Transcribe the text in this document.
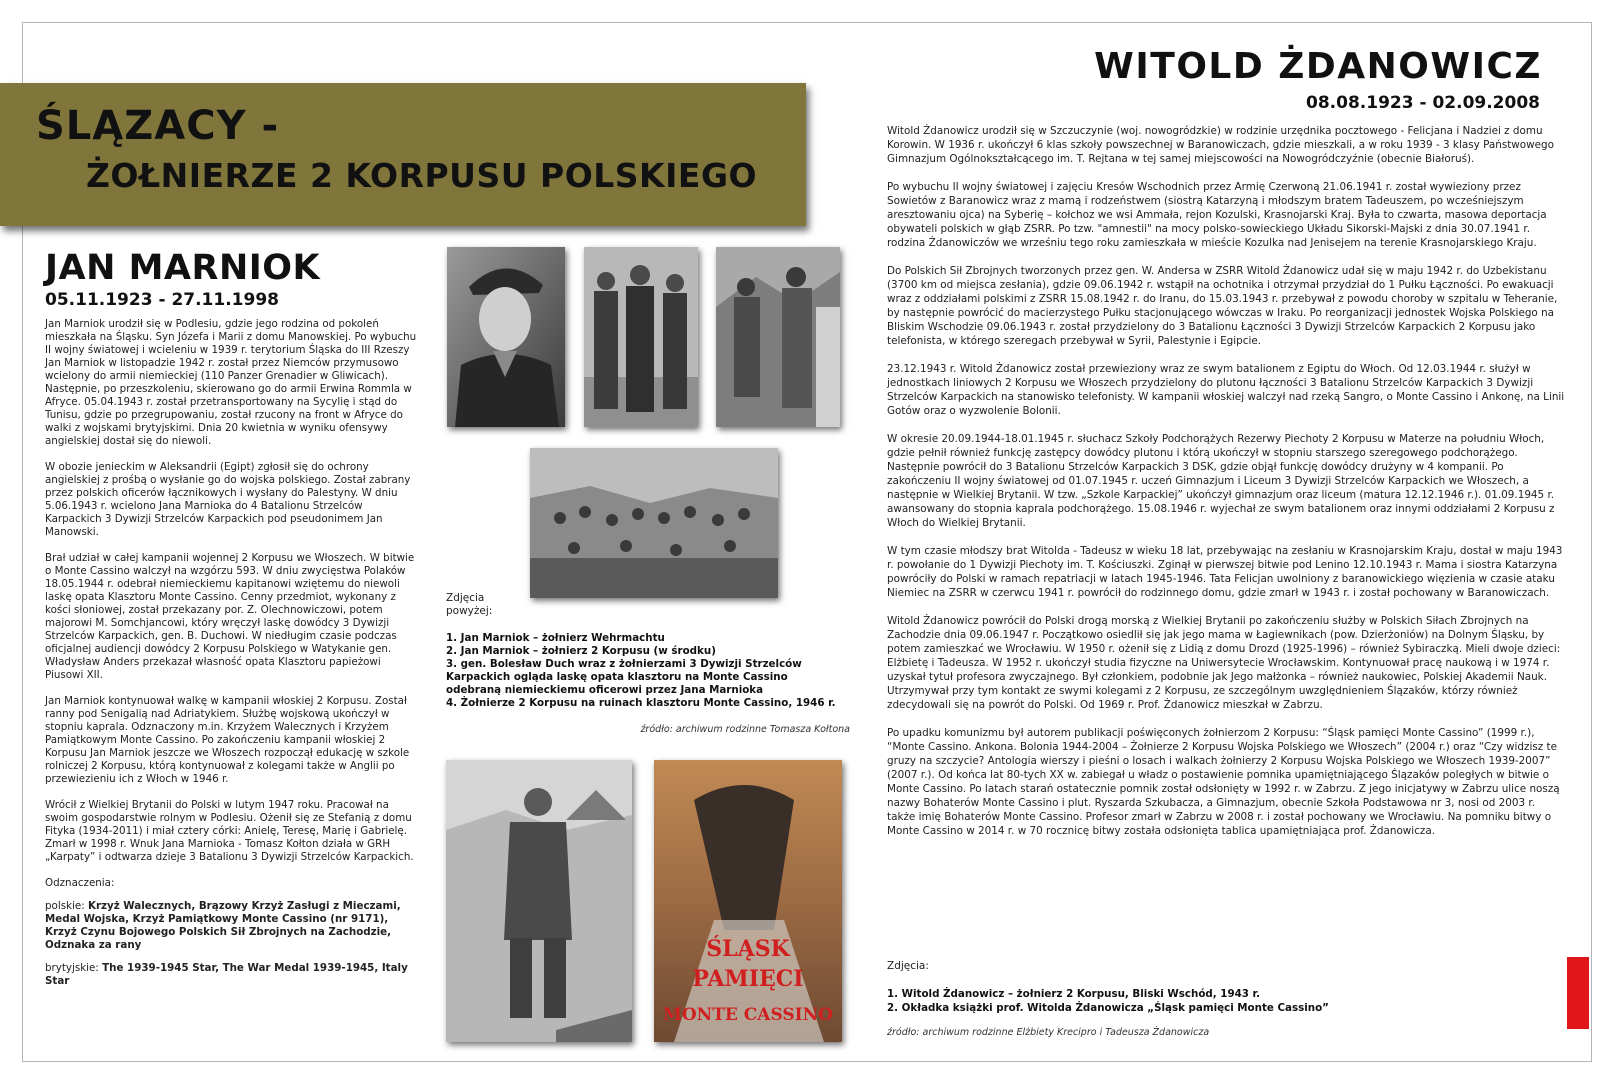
ŚLĄZACY -
ŻOŁNIERZE 2 KORPUSU POLSKIEGO
JAN MARNIOK
05.11.1923 - 27.11.1998

Jan Marniok urodził się w Podlesiu, gdzie jego rodzina od pokoleń mieszkała na Śląsku. Syn Józefa i Marii z domu Manowskiej. Po wybuchu II wojny światowej i wcieleniu w 1939 r. terytorium Śląska do III Rzeszy Jan Marniok w listopadzie 1942 r. został przez Niemców przymusowo wcielony do armii niemieckiej (110 Panzer Grenadier w Gliwicach). Następnie, po przeszkoleniu, skierowano go do armii Erwina Rommla w Afryce. 05.04.1943 r. został przetransportowany na Sycylię i stąd do Tunisu, gdzie po przegrupowaniu, został rzucony na front w Afryce do walki z wojskami brytyjskimi. Dnia 20 kwietnia w wyniku ofensywy angielskiej dostał się do niewoli.

W obozie jenieckim w Aleksandrii (Egipt) zgłosił się do ochrony angielskiej z prośbą o wysłanie go do wojska polskiego. Został zabrany przez polskich oficerów łącznikowych i wysłany do Palestyny. W dniu 5.06.1943 r. wcielono Jana Marnioka do 4 Batalionu Strzelców Karpackich 3 Dywizji Strzelców Karpackich pod pseudonimem Jan Manowski.

Brał udział w całej kampanii wojennej 2 Korpusu we Włoszech. W bitwie o Monte Cassino walczył na wzgórzu 593. W dniu zwycięstwa Polaków 18.05.1944 r. odebrał niemieckiemu kapitanowi wziętemu do niewoli laskę opata Klasztoru Monte Cassino. Cenny przedmiot, wykonany z kości słoniowej, został przekazany por. Z. Olechnowiczowi, potem majorowi M. Somchjancowi, który wręczył laskę dowódcy 3 Dywizji Strzelców Karpackich, gen. B. Duchowi. W niedługim czasie podczas oficjalnej audiencji dowódcy 2 Korpusu Polskiego w Watykanie gen. Władysław Anders przekazał własność opata Klasztoru papieżowi Piusowi XII.

Jan Marniok kontynuował walkę w kampanii włoskiej 2 Korpusu. Został ranny pod Senigalią nad Adriatykiem. Służbę wojskową ukończył w stopniu kaprala. Odznaczony m.in. Krzyżem Walecznych i Krzyżem Pamiątkowym Monte Cassino. Po zakończeniu kampanii włoskiej 2 Korpusu Jan Marniok jeszcze we Włoszech rozpoczął edukację w szkole rolniczej 2 Korpusu, którą kontynuował z kolegami także w Anglii po przewiezieniu ich z Włoch w 1946 r.

Wrócił z Wielkiej Brytanii do Polski w lutym 1947 roku. Pracował na swoim gospodarstwie rolnym w Podlesiu. Ożenił się ze Stefanią z domu Fityka (1934-2011) i miał cztery córki: Anielę, Teresę, Marię i Gabrielę. Zmarł w 1998 r. Wnuk Jana Marnioka - Tomasz Kołton działa w GRH „Karpaty” i odtwarza dzieje 3 Batalionu 3 Dywizji Strzelców Karpackich.

Odznaczenia:

polskie: Krzyż Walecznych, Brązowy Krzyż Zasługi z Mieczami, Medal Wojska, Krzyż Pamiątkowy Monte Cassino (nr 9171), Krzyż Czynu Bojowego Polskich Sił Zbrojnych na Zachodzie, Odznaka za rany

brytyjskie: The 1939-1945 Star, The War Medal 1939-1945, Italy Star

Zdjęcia powyżej:
1. Jan Marniok – żołnierz Wehrmachtu
2. Jan Marniok – żołnierz 2 Korpusu (w środku)
3. gen. Bolesław Duch wraz z żołnierzami 3 Dywizji Strzelców Karpackich ogląda laskę opata klasztoru na Monte Cassino odebraną niemieckiemu oficerowi przez Jana Marnioka
4. Żołnierze 2 Korpusu na ruinach klasztoru Monte Cassino, 1946 r.
źródło: archiwum rodzinne Tomasza Kołtona
ŚLĄSK
PAMIĘCI
MONTE CASSINO
WITOLD ŻDANOWICZ
08.08.1923 - 02.09.2008

Witold Żdanowicz urodził się w Szczuczynie (woj. nowogródzkie) w rodzinie urzędnika pocztowego - Felicjana i Nadziei z domu Korowin. W 1936 r. ukończył 6 klas szkoły powszechnej w Baranowiczach, gdzie mieszkali, a w roku 1939 - 3 klasy Państwowego Gimnazjum Ogólnokształcącego im. T. Rejtana w tej samej miejscowości na Nowogródczyźnie (obecnie Białoruś).

Po wybuchu II wojny światowej i zajęciu Kresów Wschodnich przez Armię Czerwoną 21.06.1941 r. został wywieziony przez Sowietów z Baranowicz wraz z mamą i rodzeństwem (siostrą Katarzyną i młodszym bratem Tadeuszem, po wcześniejszym aresztowaniu ojca) na Syberię – kołchoz we wsi Ammała, rejon Kozulski, Krasnojarski Kraj. Była to czwarta, masowa deportacja obywateli polskich w głąb ZSRR. Po tzw. "amnestii" na mocy polsko-sowieckiego Układu Sikorski-Majski z dnia 30.07.1941 r. rodzina Żdanowiczów we wrześniu tego roku zamieszkała w mieście Kozulka nad Jenisejem na terenie Krasnojarskiego Kraju.

Do Polskich Sił Zbrojnych tworzonych przez gen. W. Andersa w ZSRR Witold Żdanowicz udał się w maju 1942 r. do Uzbekistanu (3700 km od miejsca zesłania), gdzie 09.06.1942 r. wstąpił na ochotnika i otrzymał przydział do 1 Pułku Łączności. Po ewakuacji wraz z oddziałami polskimi z ZSRR 15.08.1942 r. do Iranu, do 15.03.1943 r. przebywał z powodu choroby w szpitalu w Teheranie, by następnie powrócić do macierzystego Pułku stacjonującego wówczas w Iraku. Po reorganizacji jednostek Wojska Polskiego na Bliskim Wschodzie 09.06.1943 r. został przydzielony do 3 Batalionu Łączności 3 Dywizji Strzelców Karpackich 2 Korpusu jako telefonista, w którego szeregach przebywał w Syrii, Palestynie i Egipcie.

23.12.1943 r. Witold Żdanowicz został przewieziony wraz ze swym batalionem z Egiptu do Włoch. Od 12.03.1944 r. służył w jednostkach liniowych 2 Korpusu we Włoszech przydzielony do plutonu łączności 3 Batalionu Strzelców Karpackich 3 Dywizji Strzelców Karpackich na stanowisko telefonisty. W kampanii włoskiej walczył nad rzeką Sangro, o Monte Cassino i Ankonę, na Linii Gotów oraz o wyzwolenie Bolonii.

W okresie 20.09.1944-18.01.1945 r. słuchacz Szkoły Podchorążych Rezerwy Piechoty 2 Korpusu w Materze na południu Włoch, gdzie pełnił również funkcję zastępcy dowódcy plutonu i którą ukończył w stopniu starszego szeregowego podchorążego. Następnie powrócił do 3 Batalionu Strzelców Karpackich 3 DSK, gdzie objął funkcję dowódcy drużyny w 4 kompanii. Po zakończeniu II wojny światowej od 01.07.1945 r. uczeń Gimnazjum i Liceum 3 Dywizji Strzelców Karpackich we Włoszech, a następnie w Wielkiej Brytanii. W tzw. „Szkole Karpackiej” ukończył gimnazjum oraz liceum (matura 12.12.1946 r.). 01.09.1945 r. awansowany do stopnia kaprala podchorążego. 15.08.1946 r. wyjechał ze swym batalionem oraz innymi oddziałami 2 Korpusu z Włoch do Wielkiej Brytanii.

W tym czasie młodszy brat Witolda - Tadeusz w wieku 18 lat, przebywając na zesłaniu w Krasnojarskim Kraju, dostał w maju 1943 r. powołanie do 1 Dywizji Piechoty im. T. Kościuszki. Zginął w pierwszej bitwie pod Lenino 12.10.1943 r. Mama i siostra Katarzyna powróciły do Polski w ramach repatriacji w latach 1945-1946. Tata Felicjan uwolniony z baranowickiego więzienia w czasie ataku Niemiec na ZSRR w czerwcu 1941 r. powrócił do rodzinnego domu, gdzie zmarł w 1943 r. i został pochowany w Baranowiczach.

Witold Żdanowicz powrócił do Polski drogą morską z Wielkiej Brytanii po zakończeniu służby w Polskich Siłach Zbrojnych na Zachodzie dnia 09.06.1947 r. Początkowo osiedlił się jak jego mama w Łagiewnikach (pow. Dzierżoniów) na Dolnym Śląsku, by potem zamieszkać we Wrocławiu. W 1950 r. ożenił się z Lidią z domu Drozd (1925-1996) – również Sybiraczką. Mieli dwoje dzieci: Elżbietę i Tadeusza. W 1952 r. ukończył studia fizyczne na Uniwersytecie Wrocławskim. Kontynuował pracę naukową i w 1974 r. uzyskał tytuł profesora zwyczajnego. Był członkiem, podobnie jak Jego małżonka – również naukowiec, Polskiej Akademii Nauk. Utrzymywał przy tym kontakt ze swymi kolegami z 2 Korpusu, ze szczególnym uwzględnieniem Ślązaków, którzy również zdecydowali się na powrót do Polski. Od 1969 r. Prof. Żdanowicz mieszkał w Zabrzu.

Po upadku komunizmu był autorem publikacji poświęconych żołnierzom 2 Korpusu: “Śląsk pamięci Monte Cassino” (1999 r.), “Monte Cassino. Ankona. Bolonia 1944-2004 – Żołnierze 2 Korpusu Wojska Polskiego we Włoszech” (2004 r.) oraz “Czy widzisz te gruzy na szczycie? Antologia wierszy i pieśni o losach i walkach żołnierzy 2 Korpusu Wojska Polskiego we Włoszech 1939-2007” (2007 r.). Od końca lat 80-tych XX w. zabiegał u władz o postawienie pomnika upamiętniającego Ślązaków poległych w bitwie o Monte Cassino. Po latach starań ostatecznie pomnik został odsłonięty w 1992 r. w Zabrzu. Z jego inicjatywy w Zabrzu ulice noszą nazwy Bohaterów Monte Cassino i plut. Ryszarda Szkubacza, a Gimnazjum, obecnie Szkoła Podstawowa nr 3, nosi od 2003 r. także imię Bohaterów Monte Cassino. Profesor zmarł w Zabrzu w 2008 r. i został pochowany we Wrocławiu. Na pomniku bitwy o Monte Cassino w 2014 r. w 70 rocznicę bitwy została odsłonięta tablica upamiętniająca prof. Żdanowicza.

Zdjęcia:
1. Witold Żdanowicz – żołnierz 2 Korpusu, Bliski Wschód, 1943 r.
2. Okładka książki prof. Witolda Żdanowicza „Śląsk pamięci Monte Cassino”
źródło: archiwum rodzinne Elżbiety Krecipro i Tadeusza Żdanowicza
